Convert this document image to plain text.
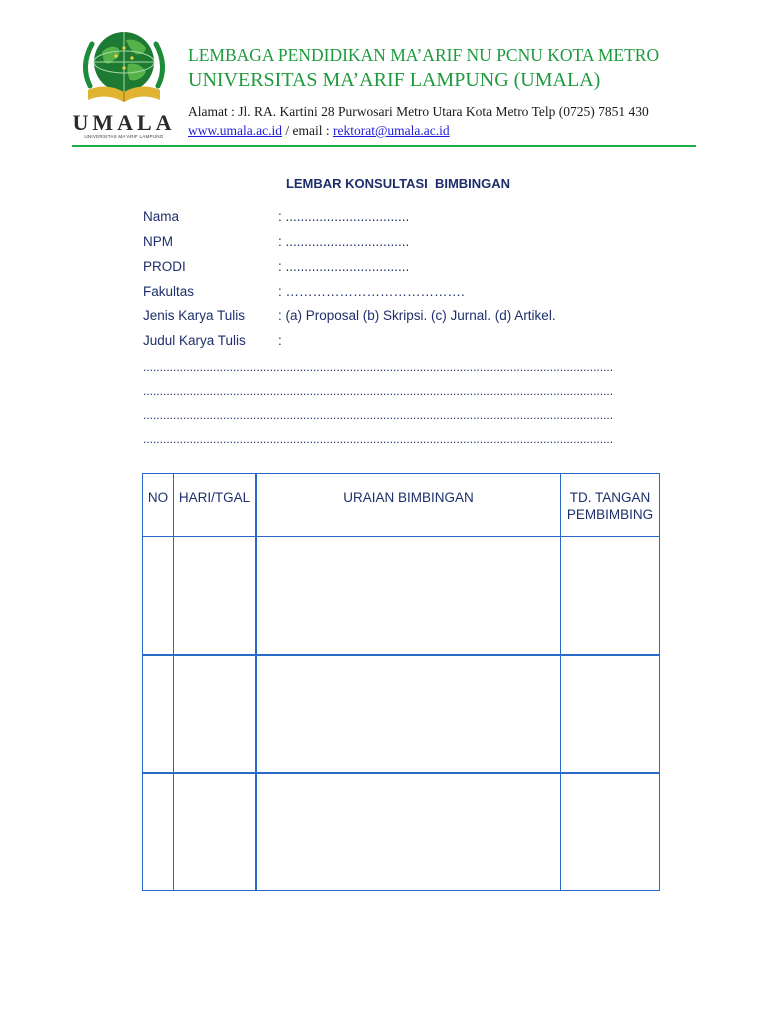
UMALA
UNIVERSITAS MA'ARIF LAMPUNG
LEMBAGA PENDIDIKAN MA’ARIF NU PCNU KOTA METRO
UNIVERSITAS MA’ARIF LAMPUNG (UMALA)
Alamat : Jl. RA. Kartini 28 Purwosari Metro Utara Kota Metro Telp (0725) 7851 430
www.umala.ac.id / email : rektorat@umala.ac.id
LEMBAR KONSULTASI  BIMBINGAN
Nama	: .................................
NPM	: .................................
PRODI	: .................................
Fakultas	: ………………………………….
Jenis Karya Tulis : (a) Proposal (b) Skripsi. (c) Jurnal. (d) Artikel.
Judul Karya Tulis :
.............................................................................................................................................
.............................................................................................................................................
.............................................................................................................................................
.............................................................................................................................................
NO HARI/TGAL	URAIAN BIMBINGAN	TD. TANGAN
PEMBIMBING
